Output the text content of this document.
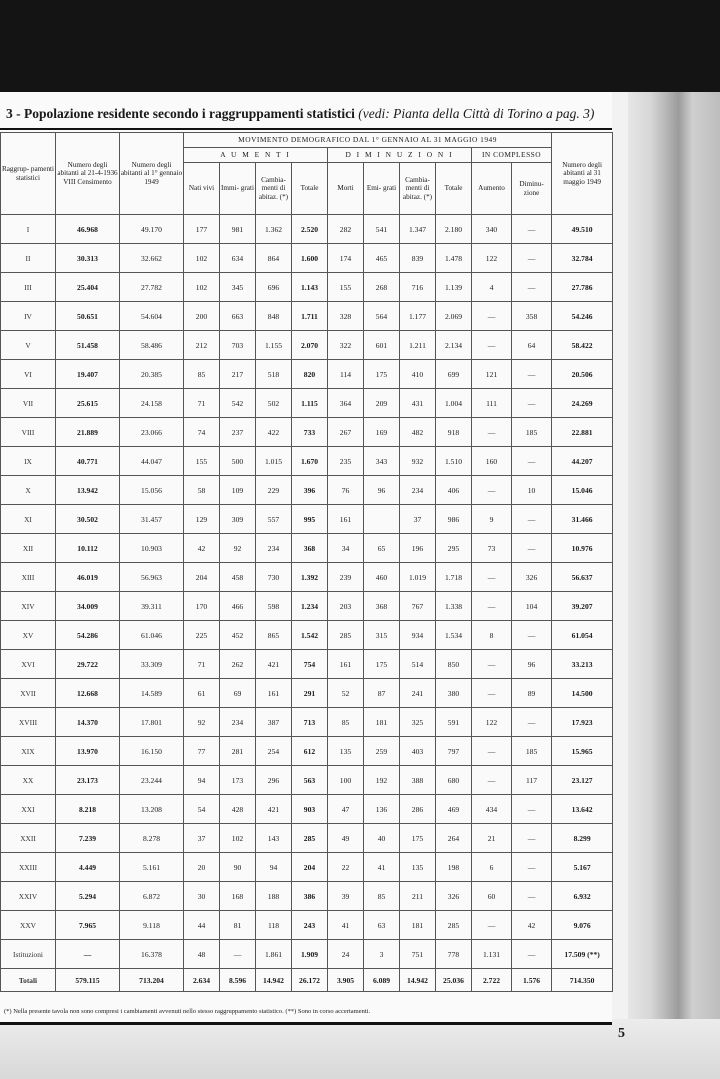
3 - Popolazione residente secondo i raggruppamenti statistici (vedi: Pianta della Città di Torino a pag. 3)
Raggrup- pamenti statistici	Numero degli abitanti al 21-4-1936 VIII Censimento	Numero degli abitanti al 1° gennaio 1949	MOVIMENTO DEMOGRAFICO DAL 1° GENNAIO AL 31 MAGGIO 1949										Numero degli abitanti al 31 maggio 1949
			A U M E N T I				D I M I N U Z I O N I				IN COMPLESSO		
			Nati vivi	Immi- grati	Cambia- menti di abitaz. (*)	Totale	Morti	Emi- grati	Cambia- menti di abitaz. (*)	Totale	Aumento	Diminu- zione	
I	46.968	49.170	177	981	1.362	2.520	282	541	1.347	2.180	340	—	49.510
II	30.313	32.662	102	634	864	1.600	174	465	839	1.478	122	—	32.784
III	25.404	27.782	102	345	696	1.143	155	268	716	1.139	4	—	27.786
IV	50.651	54.604	200	663	848	1.711	328	564	1.177	2.069	—	358	54.246
V	51.458	58.486	212	703	1.155	2.070	322	601	1.211	2.134	—	64	58.422
VI	19.407	20.385	85	217	518	820	114	175	410	699	121	—	20.506
VII	25.615	24.158	71	542	502	1.115	364	209	431	1.004	111	—	24.269
VIII	21.889	23.066	74	237	422	733	267	169	482	918	—	185	22.881
IX	40.771	44.047	155	500	1.015	1.670	235	343	932	1.510	160	—	44.207
X	13.942	15.056	58	109	229	396	76	96	234	406	—	10	15.046
XI	30.502	31.457	129	309	557	995	161		37	986	9	—	31.466
XII	10.112	10.903	42	92	234	368	34	65	196	295	73	—	10.976
XIII	46.019	56.963	204	458	730	1.392	239	460	1.019	1.718	—	326	56.637
XIV	34.009	39.311	170	466	598	1.234	203	368	767	1.338	—	104	39.207
XV	54.286	61.046	225	452	865	1.542	285	315	934	1.534	8	—	61.054
XVI	29.722	33.309	71	262	421	754	161	175	514	850	—	96	33.213
XVII	12.668	14.589	61	69	161	291	52	87	241	380	—	89	14.500
XVIII	14.370	17.801	92	234	387	713	85	181	325	591	122	—	17.923
XIX	13.970	16.150	77	281	254	612	135	259	403	797	—	185	15.965
XX	23.173	23.244	94	173	296	563	100	192	388	680	—	117	23.127
XXI	8.218	13.208	54	428	421	903	47	136	286	469	434	—	13.642
XXII	7.239	8.278	37	102	143	285	49	40	175	264	21	—	8.299
XXIII	4.449	5.161	20	90	94	204	22	41	135	198	6	—	5.167
XXIV	5.294	6.872	30	168	188	386	39	85	211	326	60	—	6.932
XXV	7.965	9.118	44	81	118	243	41	63	181	285	—	42	9.076
Istituzioni	—	16.378	48	—	1.861	1.909	24	3	751	778	1.131	—	17.509 (**)
Totali	579.115	713.204	2.634	8.596	14.942	26.172	3.905	6.089	14.942	25.036	2.722	1.576	714.350
(*) Nella presente tavola non sono compresi i cambiamenti avvenuti nello stesso raggruppamento statistico. (**) Sono in corso accertamenti.
5
